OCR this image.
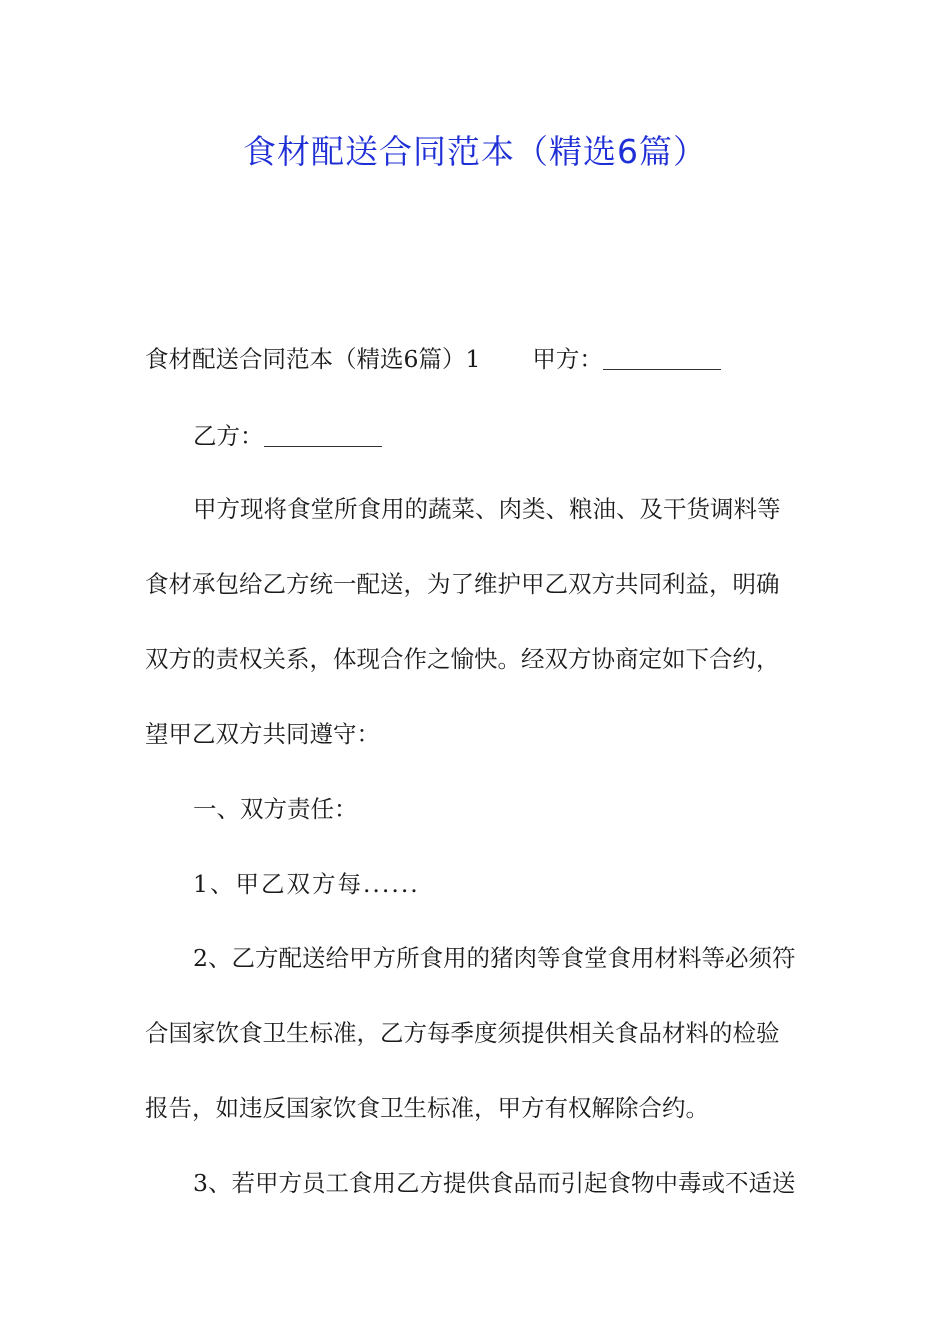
食材配送合同范本（精选6篇）
食材配送合同范本（精选6篇）1 甲方：
乙方：
甲方现将食堂所食用的蔬菜、肉类、粮油、及干货调料等
食材承包给乙方统一配送，为了维护甲乙双方共同利益，明确
双方的责权关系，体现合作之愉快。经双方协商定如下合约，
望甲乙双方共同遵守：
一、双方责任：
1、甲乙双方每......
2、乙方配送给甲方所食用的猪肉等食堂食用材料等必须符
合国家饮食卫生标准，乙方每季度须提供相关食品材料的检验
报告，如违反国家饮食卫生标准，甲方有权解除合约。
3、若甲方员工食用乙方提供食品而引起食物中毒或不适送
